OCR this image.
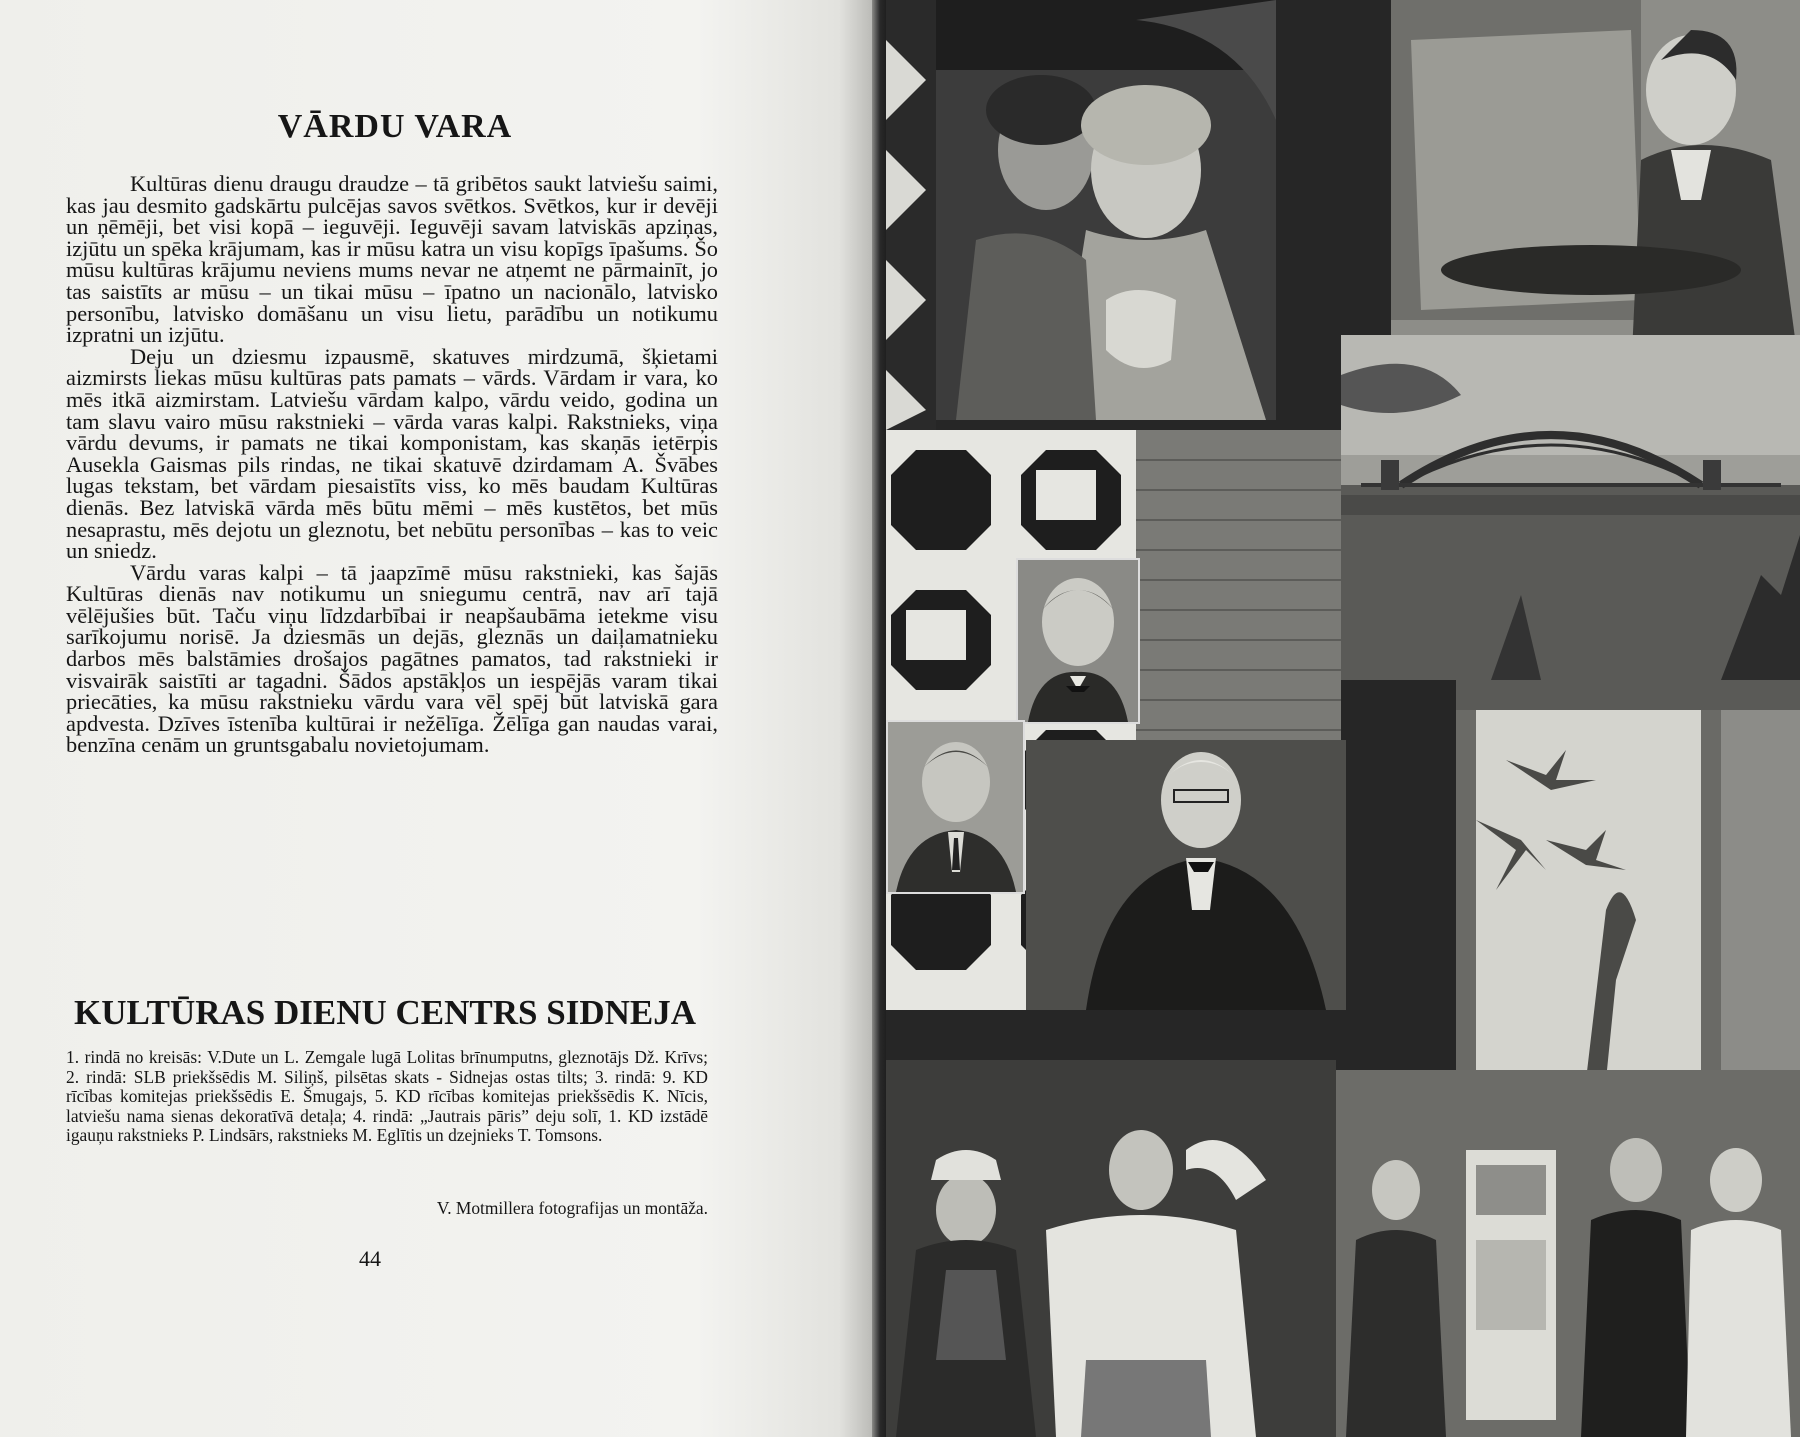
VĀRDU VARA

Kultūras dienu draugu draudze – tā gribētos saukt latviešu saimi, kas jau desmito gadskārtu pulcējas savos svētkos. Svētkos, kur ir devēji un ņēmēji, bet visi kopā – ieguvēji. Ieguvēji savam latviskās apziņas, izjūtu un spēka krājumam, kas ir mūsu katra un visu kopīgs īpašums. Šo mūsu kultūras krājumu neviens mums nevar ne atņemt ne pārmainīt, jo tas saistīts ar mūsu – un tikai mūsu – īpatno un nacionālo, latvisko personību, latvisko domāšanu un visu lietu, parādību un notikumu izpratni un izjūtu.

Deju un dziesmu izpausmē, skatuves mirdzumā, šķietami aizmirsts liekas mūsu kultūras pats pamats – vārds. Vārdam ir vara, ko mēs itkā aizmirstam. Latviešu vārdam kalpo, vārdu veido, godina un tam slavu vairo mūsu rakstnieki – vārda varas kalpi. Rakstnieks, viņa vārdu devums, ir pamats ne tikai komponistam, kas skaņās ietērpis Auseklа Gaismas pils rindas, ne tikai skatuvē dzirdamam A. Švābes lugas tekstam, bet vārdam piesaistīts viss, ko mēs baudam Kultūras dienās. Bez latviskā vārda mēs būtu mēmi – mēs kustētos, bet mūs nesaprastu, mēs dejotu un gleznotu, bet nebūtu personības – kas to veic un sniedz.

Vārdu varas kalpi – tā jaapzīmē mūsu rakstnieki, kas šajās Kultūras dienās nav notikumu un sniegumu centrā, nav arī tajā vēlējušies būt. Taču viņu līdzdarbībai ir neapšaubāma ietekme visu sarīkojumu norisē. Ja dziesmās un dejās, gleznās un daiļamatnieku darbos mēs balstāmies drošajos pagātnes pamatos, tad rakstnieki ir visvairāk saistīti ar tagadni. Šādos apstākļos un iespējās varam tikai priecāties, ka mūsu rakstnieku vārdu vara vēl spēj būt latviskā gara apdvesta. Dzīves īstenība kultūrai ir nežēlīga. Žēlīga gan naudas varai, benzīna cenām un gruntsgabalu novietojumam.

KULTŪRAS DIENU CENTRS SIDNEJA
1. rindā no kreisās: V.Dute un L. Zemgale lugā Lolitas brīnumputns, gleznotājs Dž. Krīvs; 2. rindā: SLB priekšsēdis M. Siliņš, pilsētas skats - Sidnejas ostas tilts; 3. rindā: 9. KD rīcības komitejas priekšsēdis E. Šmugajs, 5. KD rīcības komitejas priekšsēdis K. Nīcis, latviešu nama sienas dekoratīvā detaļa; 4. rindā: „Jautrais pāris” deju solī, 1. KD izstādē igauņu rakstnieks P. Lindsārs, rakstnieks M. Eglītis un dzejnieks T. Tomsons.
V. Motmillera fotografijas un montāža.
44
